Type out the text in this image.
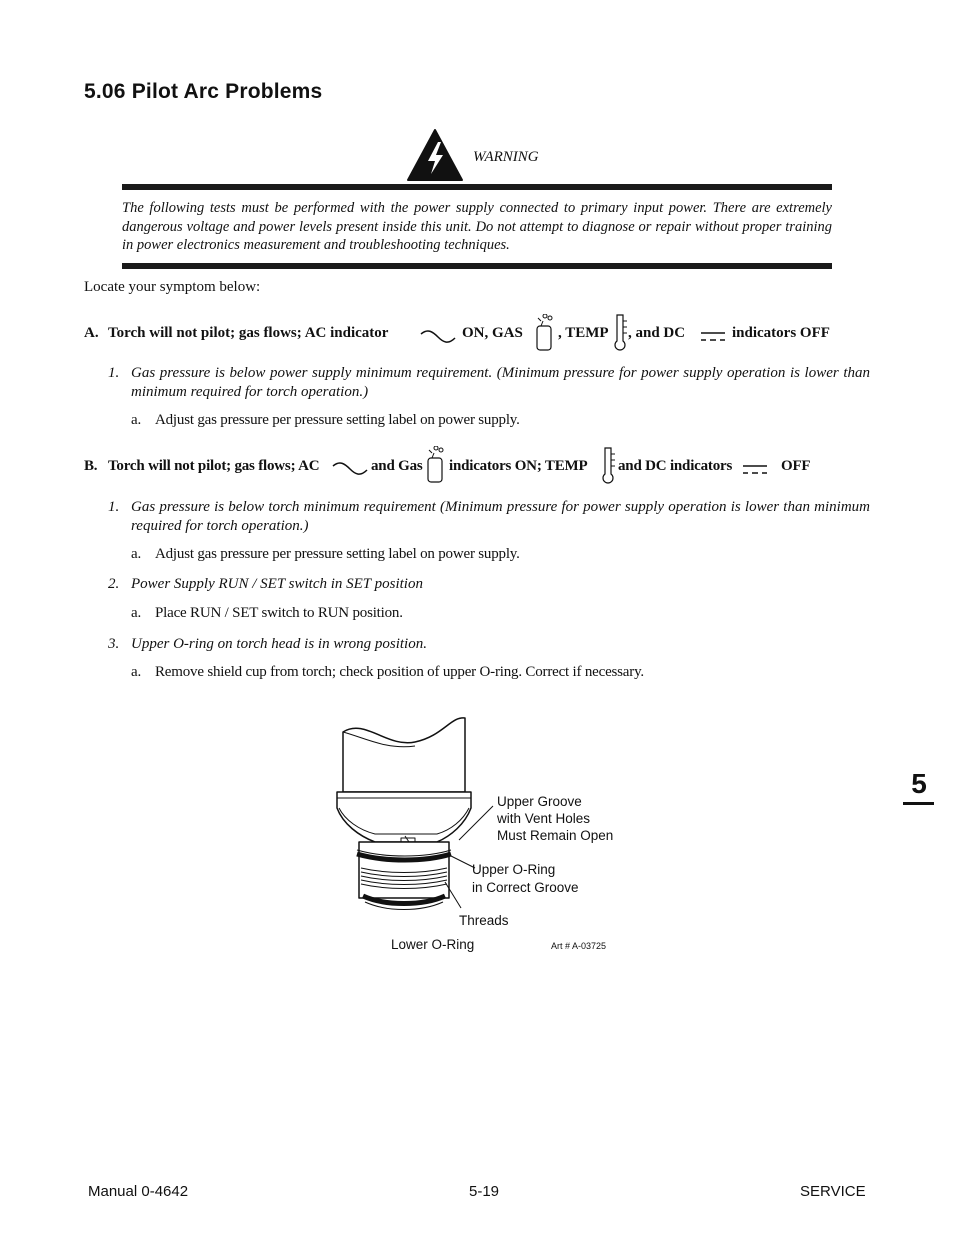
5.06 Pilot Arc Problems
WARNING
The following tests must be performed with the power supply connected to primary input power. There are extremely dangerous voltage and power levels present inside this unit. Do not attempt to diagnose or repair without proper training in power electronics measurement and troubleshooting techniques.
Locate your symptom below:
A. Torch will not pilot; gas flows; AC indicator	ON, GAS , TEMP , and DC	indicators OFF
1. Gas pressure is below power supply minimum requirement. (Minimum pressure for power supply operation is lower than minimum required for torch operation.)
a. Adjust gas pressure per pressure setting label on power supply.
B. Torch will not pilot; gas flows; AC	and Gas indicators ON; TEMP and DC indicators	OFF
1. Gas pressure is below torch minimum requirement (Minimum pressure for power supply operation is lower than minimum required for torch operation.)
a. Adjust gas pressure per pressure setting label on power supply.
2. Power Supply RUN / SET switch in SET position
a. Place RUN / SET switch to RUN position.
3. Upper O-ring on torch head is in wrong position.
a. Remove shield cup from torch; check position of upper O-ring. Correct if necessary.
Upper Groove
with Vent Holes
Must Remain Open
Upper O-Ring
in Correct Groove
Threads
Lower O-Ring	Art # A-03725
5
Manual 0-4642	5-19	SERVICE
